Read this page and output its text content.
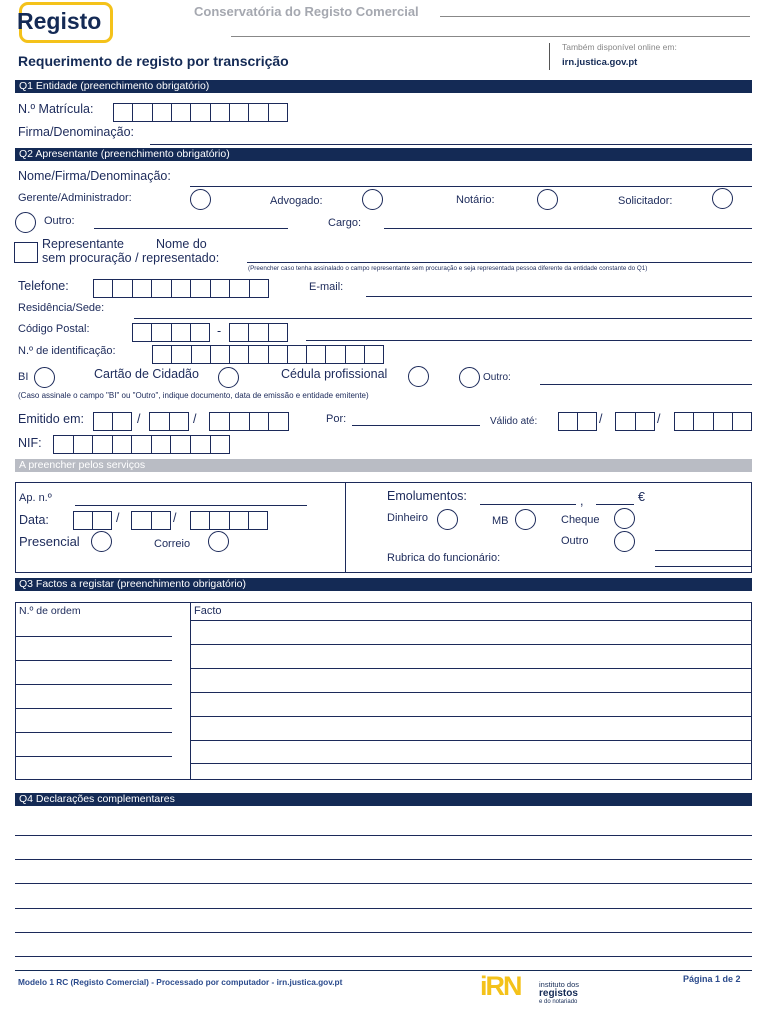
Registo	Conservatória do Registo Comercial
Requerimento de registo por transcrição
Também disponível online em:
irn.justica.gov.pt
Q1 Entidade (preenchimento obrigatório)
N.º Matrícula:
Firma/Denominação:
Q2 Apresentante (preenchimento obrigatório)
Nome/Firma/Denominação:
Gerente/Administrador:	Advogado:	Notário:	Solicitador:
Outro:	Cargo:
Representante	Nome do
sem procuração / representado:
(Preencher caso tenha assinalado o campo representante sem procuração e seja representada pessoa diferente da entidade constante do Q1)
Telefone:	E-mail:
Residência/Sede:
Código Postal:	-
N.º de identificação:
BI	Cartão de Cidadão	Cédula profissional	Outro:
(Caso assinale o campo "BI" ou "Outro", indique documento, data de emissão e entidade emitente)
Emitido em:	/	/	Por:	Válido até:	/	/
NIF:
A preencher pelos serviços
Ap. n.º
Data:	/	/
Presencial	Correio
Emolumentos:	,	€
Dinheiro	MB	Cheque
Outro
Rubrica do funcionário:
Q3 Factos a registar (preenchimento obrigatório)
N.º de ordem	Facto
Q4 Declarações complementares
Modelo 1 RC (Registo Comercial) - Processado por computador - irn.justica.gov.pt	Página 1 de 2
iRN instituto dos
registos
e do notariado
